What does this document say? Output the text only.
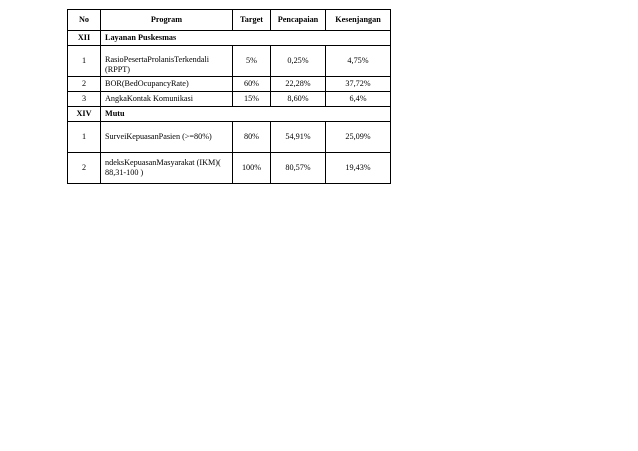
No	Program	Target	Pencapaian	Kesenjangan
XII	Layanan Puskesmas			
1	RasioPesertaProlanisTerkendali (RPPT)	5%	0,25%	4,75%
2	BOR(BedOcupancyRate)	60%	22,28%	37,72%
3	AngkaKontak Komunikasi	15%	8,60%	6,4%
XIV	Mutu			
1	SurveiKepuasanPasien (>=80%)	80%	54,91%	25,09%
2	ndeksKepuasanMasyarakat (IKM)( 88,31-100 )	100%	80,57%	19,43%
